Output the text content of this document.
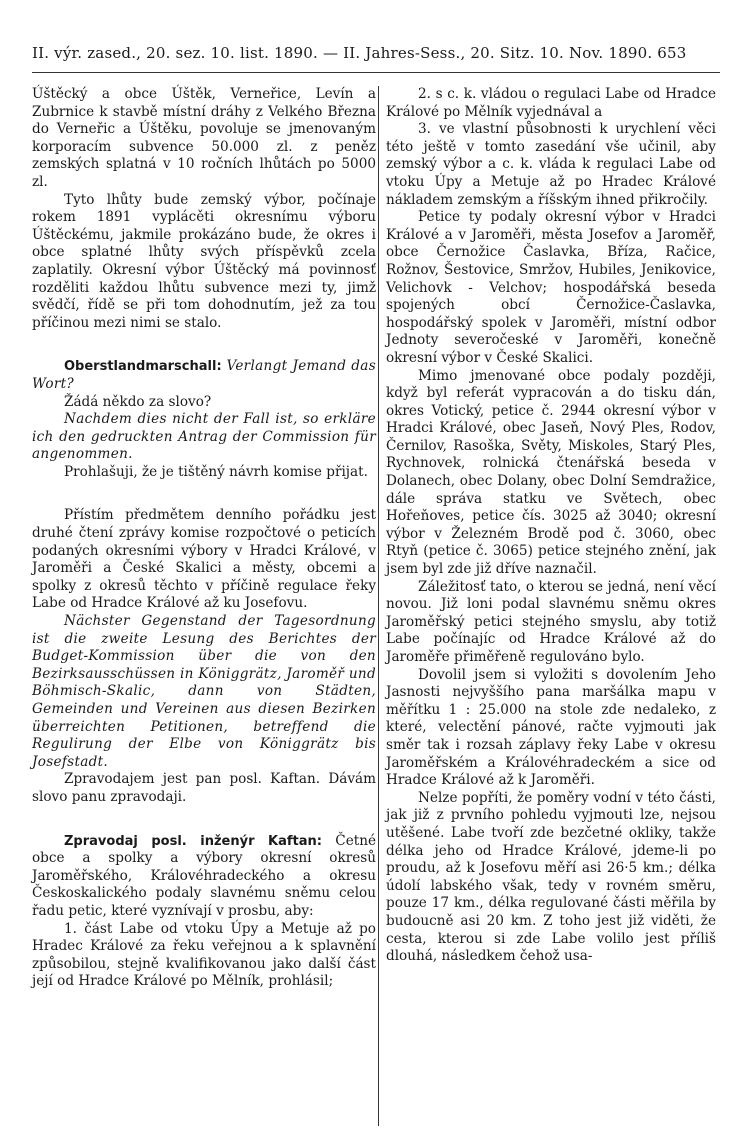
II. výr. zased., 20. sez. 10. list. 1890. — II. Jahres-Sess., 20. Sitz. 10. Nov. 1890. 653

Úštěcký a obce Úštěk, Verneřice, Levín a Zubrnice k stavbě místní dráhy z Velkého Března do Verneřic a Úštěku, povoluje se jmenovaným korporacím subvence 50.000 zl. z peněz zemských splatná v 10 ročních lhůtách po 5000 zl.

Tyto lhůty bude zemský výbor, počínaje rokem 1891 vyplácěti okresnímu výboru Úštěckému, jakmile prokázáno bude, že okres i obce splatné lhůty svých příspěvků zcela zaplatily. Okresní výbor Úštěcký má povinnosť rozděliti každou lhůtu subvence mezi ty, jimž svědčí, řídě se při tom dohodnutím, jež za tou příčinou mezi nimi se stalo.

Oberstlandmarschall: Verlangt Jemand das Wort?

Žádá někdo za slovo?

Nachdem dies nicht der Fall ist, so erkläre ich den gedruckten Antrag der Commission für angenommen.

Prohlašuji, že je tištěný návrh komise přijat.

Přístím předmětem denního pořádku jest druhé čtení zprávy komise rozpočtové o peticích podaných okresními výbory v Hradci Králové, v Jaroměři a České Skalici a městy, obcemi a spolky z okresů těchto v příčině regulace řeky Labe od Hradce Králové až ku Josefovu.

Nächster Gegenstand der Tagesordnung ist die zweite Lesung des Berichtes der Budget-Kommission über die von den Bezirksausschüssen in Königgrätz, Jaroměř und Böhmisch-Skalic, dann von Städten, Gemeinden und Vereinen aus diesen Bezirken überreichten Petitionen, betreffend die Regulirung der Elbe von Königgrätz bis Josefstadt.

Zpravodajem jest pan posl. Kaftan. Dávám slovo panu zpravodaji.

Zpravodaj posl. inženýr Kaftan: Četné obce a spolky a výbory okresní okresů Jaroměřského, Královéhradeckého a okresu Českoskalického podaly slavnému sněmu celou řadu petic, které vyznívají v prosbu, aby:

1. část Labe od vtoku Úpy a Metuje až po Hradec Králové za řeku veřejnou a k splavnění způsobilou, stejně kvalifikovanou jako další část její od Hradce Králové po Mělník, prohlásil;

2. s c. k. vládou o regulaci Labe od Hradce Králové po Mělník vyjednával a

3. ve vlastní působnosti k urychlení věci této ještě v tomto zasedání vše učinil, aby zemský výbor a c. k. vláda k regulaci Labe od vtoku Úpy a Metuje až po Hradec Králové nákladem zemským a říšským ihned přikročily.

Petice ty podaly okresní výbor v Hradci Králové a v Jaroměři, města Josefov a Jaroměř, obce Černožice Časlavka, Bříza, Račice, Rožnov, Šestovice, Smržov, Hubiles, Jenikovice, Velichovk - Velchov; hospodářská beseda spojených obcí Černožice-Časlavka, hospodářský spolek v Jaroměři, místní odbor Jednoty severočeské v Jaroměři, konečně okresní výbor v České Skalici.

Mimo jmenované obce podaly později, když byl referát vypracován a do tisku dán, okres Votický, petice č. 2944 okresní výbor v Hradci Králové, obec Jaseň, Nový Ples, Rodov, Černilov, Rasoška, Světy, Miskoles, Starý Ples, Rychnovek, rolnická čtenářská beseda v Dolanech, obec Dolany, obec Dolní Semdražice, dále správa statku ve Světech, obec Hořeňoves, petice čís. 3025 až 3040; okresní výbor v Železném Brodě pod č. 3060, obec Rtyň (petice č. 3065) petice stejného znění, jak jsem byl zde již dříve naznačil.

Záležitosť tato, o kterou se jedná, není věcí novou. Již loni podal slavnému sněmu okres Jaroměřský petici stejného smyslu, aby totiž Labe počínajíc od Hradce Králové až do Jaroměře přiměřeně regulováno bylo.

Dovolil jsem si vyložiti s dovolením Jeho Jasnosti nejvyššího pana maršálka mapu v měřítku 1 : 25.000 na stole zde nedaleko, z které, velectění pánové, račte vyjmouti jak směr tak i rozsah záplavy řeky Labe v okresu Jaroměřském a Královéhradeckém a sice od Hradce Králové až k Jaroměři.

Nelze popříti, že poměry vodní v této části, jak již z prvního pohledu vyjmouti lze, nejsou utěšené. Labe tvoří zde bezčetné okliky, takže délka jeho od Hradce Králové, jdeme-li po proudu, až k Josefovu měří asi 26·5 km.; délka údolí labského však, tedy v rovném směru, pouze 17 km., délka regulované části měřila by budoucně asi 20 km. Z toho jest již viděti, že cesta, kterou si zde Labe volilo jest příliš dlouhá, následkem čehož usa-
